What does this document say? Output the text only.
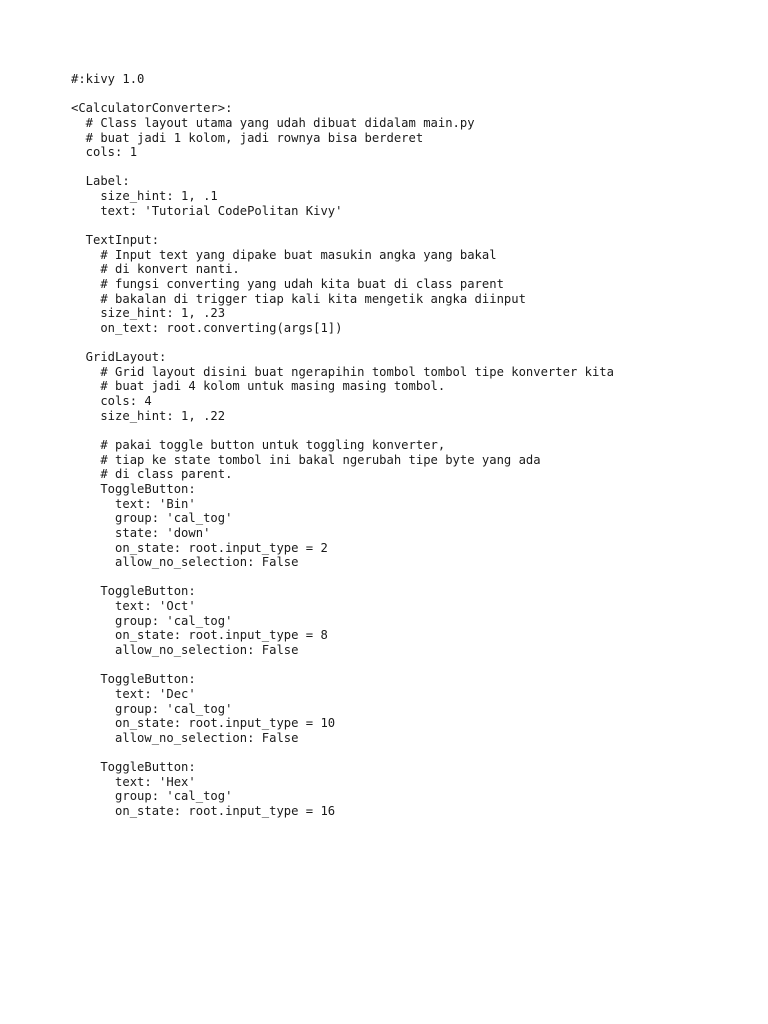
#:kivy 1.0
<CalculatorConverter>:
# Class layout utama yang udah dibuat didalam main.py
# buat jadi 1 kolom, jadi rownya bisa berderet
cols: 1
Label:
size_hint: 1, .1
text: 'Tutorial CodePolitan Kivy'
TextInput:
# Input text yang dipake buat masukin angka yang bakal
# di konvert nanti.
# fungsi converting yang udah kita buat di class parent
# bakalan di trigger tiap kali kita mengetik angka diinput
size_hint: 1, .23
on_text: root.converting(args[1])
GridLayout:
# Grid layout disini buat ngerapihin tombol tombol tipe konverter kita
# buat jadi 4 kolom untuk masing masing tombol.
cols: 4
size_hint: 1, .22
# pakai toggle button untuk toggling konverter,
# tiap ke state tombol ini bakal ngerubah tipe byte yang ada
# di class parent.
ToggleButton:
text: 'Bin'
group: 'cal_tog'
state: 'down'
on_state: root.input_type = 2
allow_no_selection: False
ToggleButton:
text: 'Oct'
group: 'cal_tog'
on_state: root.input_type = 8
allow_no_selection: False
ToggleButton:
text: 'Dec'
group: 'cal_tog'
on_state: root.input_type = 10
allow_no_selection: False
ToggleButton:
text: 'Hex'
group: 'cal_tog'
on_state: root.input_type = 16
